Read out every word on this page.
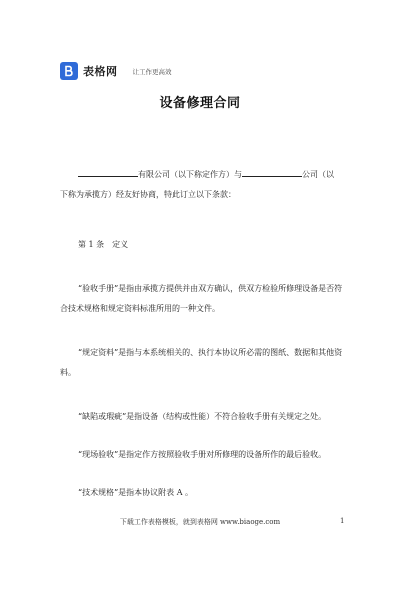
表格网 让工作更高效
设备修理合同

有限公司（以下称定作方）与	公司（以
下称为承揽方）经友好协商，特此订立以下条款：

第 1 条　定义

“验收手册”是指由承揽方提供并由双方确认，供双方检验所修理设备是否符合技术规格和规定资料标准所用的一种文件。

“规定资料”是指与本系统相关的、执行本协议所必需的图纸、数据和其他资料。

“缺陷或瑕疵”是指设备（结构或性能）不符合验收手册有关规定之处。

“现场验收”是指定作方按照验收手册对所修理的设备所作的最后验收。

“技术规格”是指本协议附表 A 。

下载工作表格模板，就到表格网 www.biaoge.com	1
